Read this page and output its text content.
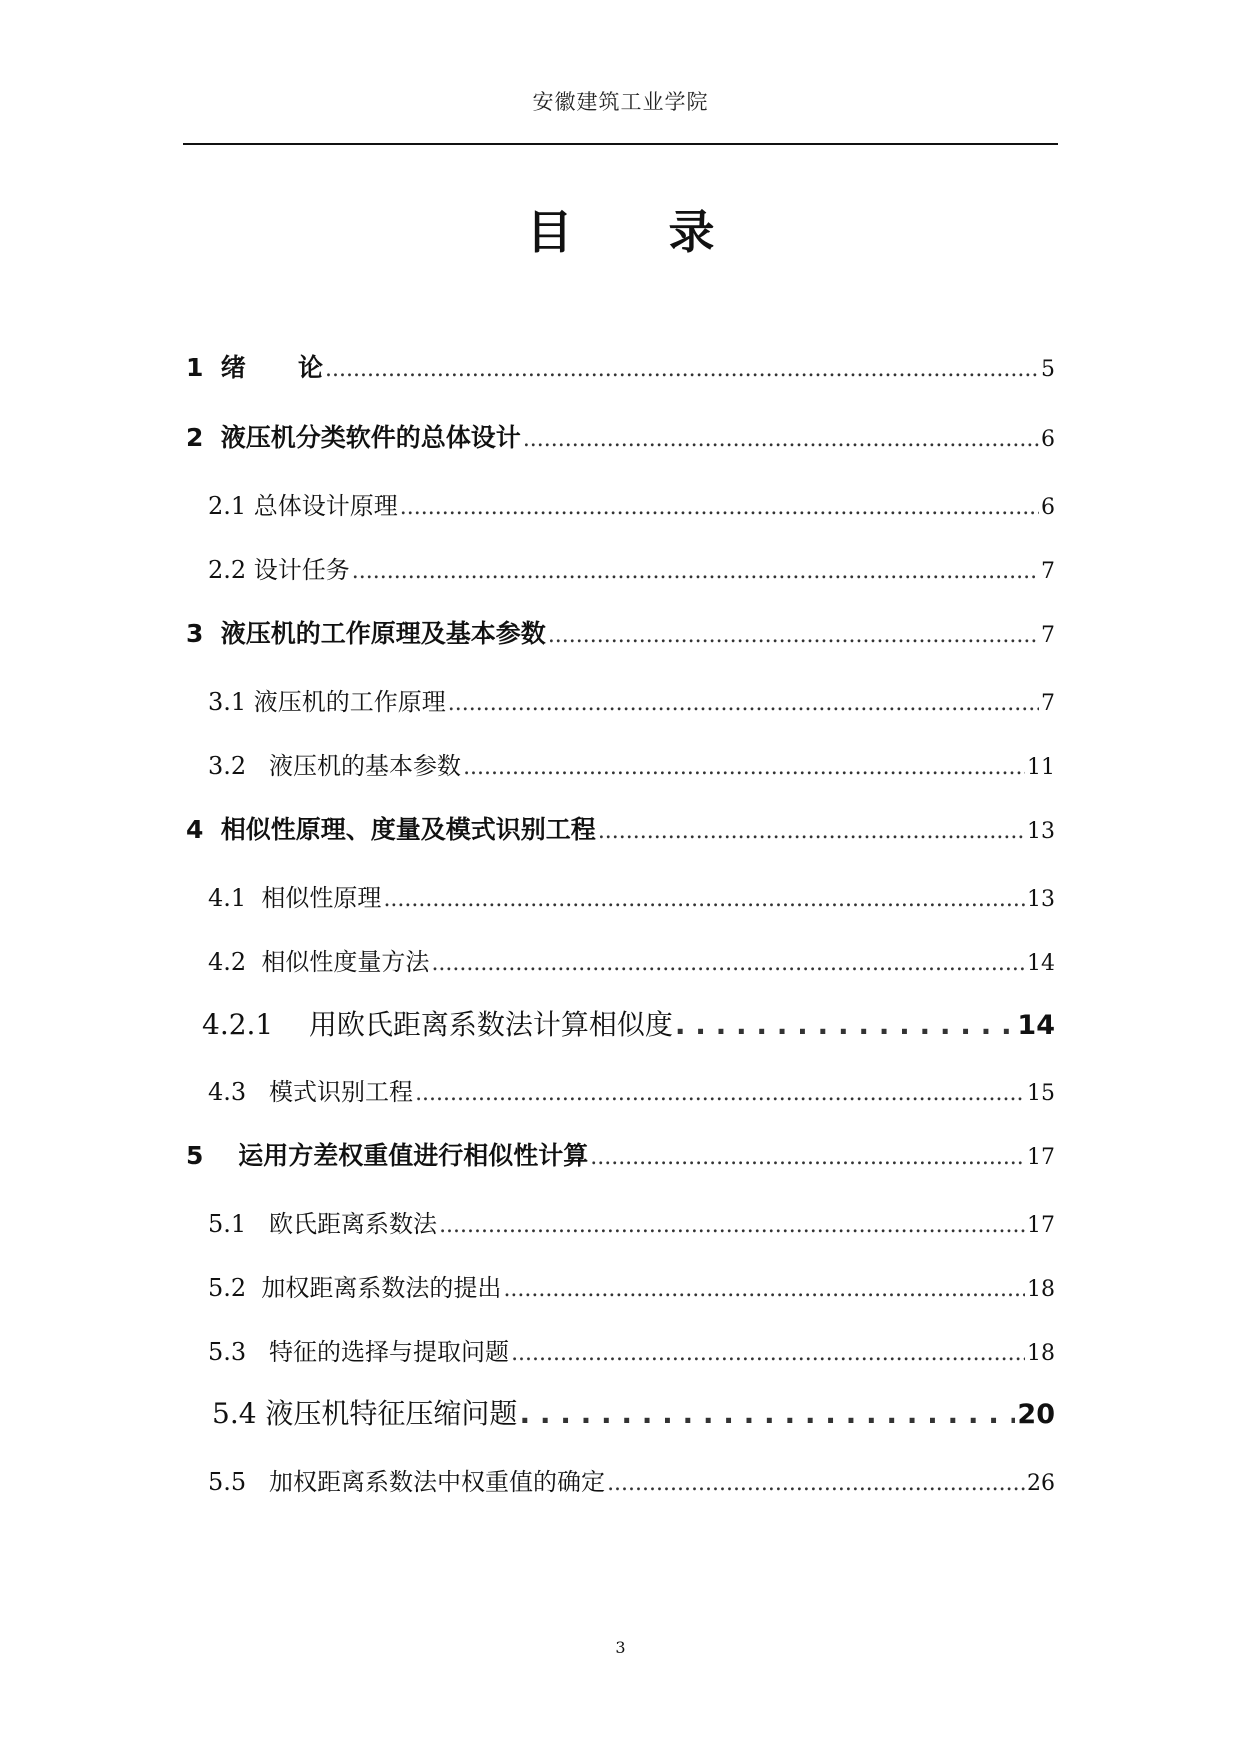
安徽建筑工业学院
目 录
1  绪      论 .....	5
2  液压机分类软件的总体设计 .....	6
2.1 总体设计原理 .....	6
2.2 设计任务 .....	7
3  液压机的工作原理及基本参数 .....	7
3.1 液压机的工作原理 .....	7
3.2   液压机的基本参数 .....	11
4  相似性原理、度量及模式识别工程 .....	13
4.1  相似性原理 .....	13
4.2  相似性度量方法 .....	14
4.2.1    用欧氏距离系数法计算相似度 . . .	14
4.3   模式识别工程 .....	15
5    运用方差权重值进行相似性计算 .....	17
5.1   欧氏距离系数法 .....	17
5.2  加权距离系数法的提出 .....	18
5.3   特征的选择与提取问题 .....	18
5.4 液压机特征压缩问题 . . .	20
5.5   加权距离系数法中权重值的确定 .....	26
3
